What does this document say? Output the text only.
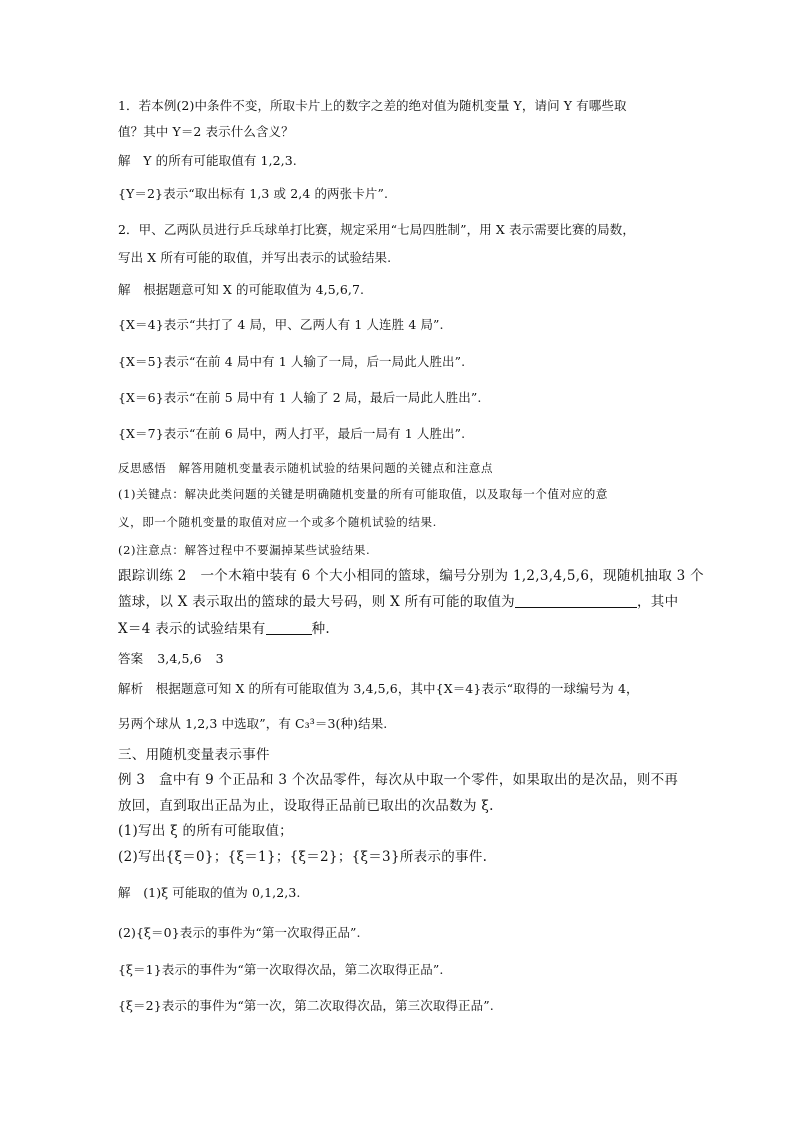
1．若本例(2)中条件不变，所取卡片上的数字之差的绝对值为随机变量 Y，请问 Y 有哪些取
值？其中 Y＝2 表示什么含义？
解　Y 的所有可能取值有 1,2,3.
{Y＝2}表示“取出标有 1,3 或 2,4 的两张卡片”.
2．甲、乙两队员进行乒乓球单打比赛，规定采用“七局四胜制”，用 X 表示需要比赛的局数，
写出 X 所有可能的取值，并写出表示的试验结果.
解　根据题意可知 X 的可能取值为 4,5,6,7.
{X＝4}表示“共打了 4 局，甲、乙两人有 1 人连胜 4 局”.
{X＝5}表示“在前 4 局中有 1 人输了一局，后一局此人胜出”.
{X＝6}表示“在前 5 局中有 1 人输了 2 局，最后一局此人胜出”.
{X＝7}表示“在前 6 局中，两人打平，最后一局有 1 人胜出”.
反思感悟　解答用随机变量表示随机试验的结果问题的关键点和注意点
(1)关键点：解决此类问题的关键是明确随机变量的所有可能取值，以及取每一个值对应的意
义，即一个随机变量的取值对应一个或多个随机试验的结果.
(2)注意点：解答过程中不要漏掉某些试验结果.
跟踪训练 2　一个木箱中装有 6 个大小相同的篮球，编号分别为 1,2,3,4,5,6，现随机抽取 3 个
篮球，以 X 表示取出的篮球的最大号码，则 X 所有可能的取值为	，其中
X＝4 表示的试验结果有	种.
答案 3,4,5,6 3
解析　根据题意可知 X 的所有可能取值为 3,4,5,6，其中{X＝4}表示“取得的一球编号为 4，
另两个球从 1,2,3 中选取”，有 C₃³＝3(种)结果.
三、用随机变量表示事件
例 3　盒中有 9 个正品和 3 个次品零件，每次从中取一个零件，如果取出的是次品，则不再
放回，直到取出正品为止，设取得正品前已取出的次品数为 ξ.
(1)写出 ξ 的所有可能取值；
(2)写出{ξ＝0}；{ξ＝1}；{ξ＝2}；{ξ＝3}所表示的事件.
解　(1)ξ 可能取的值为 0,1,2,3.
(2){ξ＝0}表示的事件为“第一次取得正品”.
{ξ＝1}表示的事件为“第一次取得次品，第二次取得正品”.
{ξ＝2}表示的事件为“第一次，第二次取得次品，第三次取得正品”.
